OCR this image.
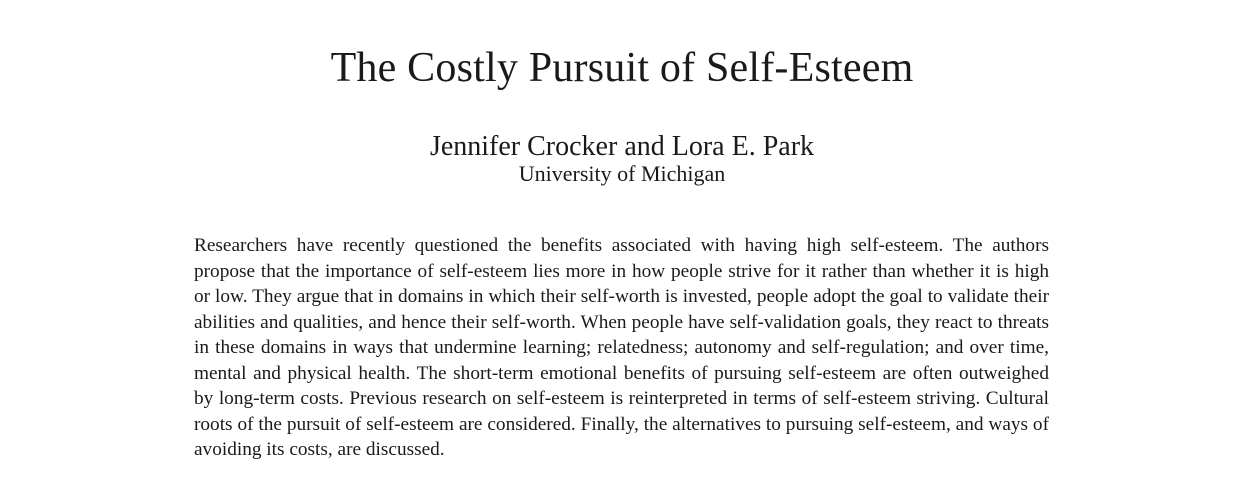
The Costly Pursuit of Self-Esteem

Jennifer Crocker and Lora E. Park

University of Michigan

Researchers have recently questioned the benefits associated with having high self-esteem. The authors propose that the importance of self-esteem lies more in how people strive for it rather than whether it is high or low. They argue that in domains in which their self-worth is invested, people adopt the goal to validate their abilities and qualities, and hence their self-worth. When people have self-validation goals, they react to threats in these domains in ways that undermine learning; relatedness; autonomy and self-regulation; and over time, mental and physical health. The short-term emotional benefits of pursuing self-esteem are often outweighed by long-term costs. Previous research on self-esteem is reinterpreted in terms of self-esteem striving. Cultural roots of the pursuit of self-esteem are considered. Finally, the alternatives to pursuing self-esteem, and ways of avoiding its costs, are discussed.
